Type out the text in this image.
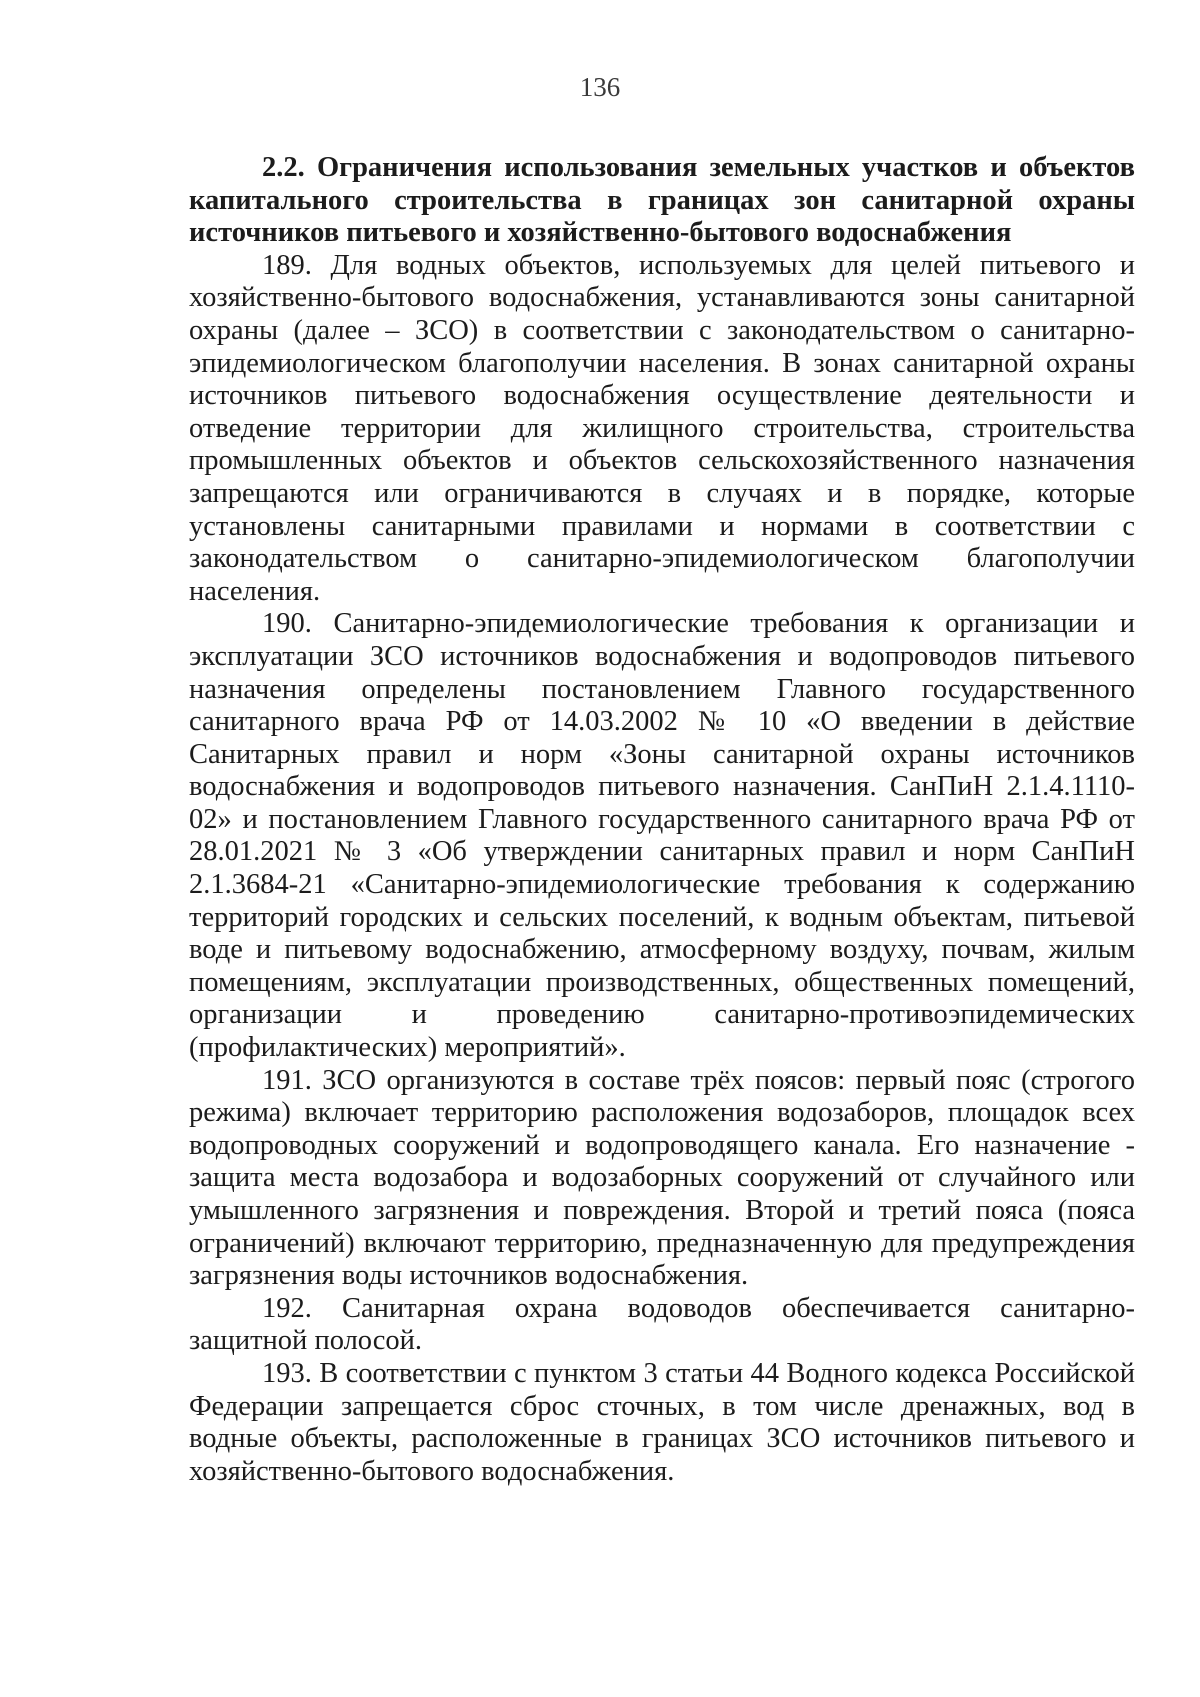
136

2.2. Ограничения использования земельных участков и объектов капитального строительства в границах зон санитарной охраны источников питьевого и хозяйственно-бытового водоснабжения

189. Для водных объектов, используемых для целей питьевого и хозяйственно-бытового водоснабжения, устанавливаются зоны санитарной охраны (далее – ЗСО) в соответствии с законодательством о санитарно-эпидемиологическом благополучии населения. В зонах санитарной охраны источников питьевого водоснабжения осуществление деятельности и отведение территории для жилищного строительства, строительства промышленных объектов и объектов сельскохозяйственного назначения запрещаются или ограничиваются в случаях и в порядке, которые установлены санитарными правилами и нормами в соответствии с законодательством о санитарно-эпидемиологическом благополучии населения.

190. Санитарно-эпидемиологические требования к организации и эксплуатации ЗСО источников водоснабжения и водопроводов питьевого назначения определены постановлением Главного государственного санитарного врача РФ от 14.03.2002 № 10 «О введении в действие Санитарных правил и норм «Зоны санитарной охраны источников водоснабжения и водопроводов питьевого назначения. СанПиН 2.1.4.1110-02» и постановлением Главного государственного санитарного врача РФ от 28.01.2021 № 3 «Об утверждении санитарных правил и норм СанПиН 2.1.3684-21 «Санитарно-эпидемиологические требования к содержанию территорий городских и сельских поселений, к водным объектам, питьевой воде и питьевому водоснабжению, атмосферному воздуху, почвам, жилым помещениям, эксплуатации производственных, общественных помещений, организации и проведению санитарно-противоэпидемических (профилактических) мероприятий».

191. ЗСО организуются в составе трёх поясов: первый пояс (строгого режима) включает территорию расположения водозаборов, площадок всех водопроводных сооружений и водопроводящего канала. Его назначение - защита места водозабора и водозаборных сооружений от случайного или умышленного загрязнения и повреждения. Второй и третий пояса (пояса ограничений) включают территорию, предназначенную для предупреждения загрязнения воды источников водоснабжения.

192. Санитарная охрана водоводов обеспечивается санитарно-защитной полосой.

193. В соответствии с пунктом 3 статьи 44 Водного кодекса Российской Федерации запрещается сброс сточных, в том числе дренажных, вод в водные объекты, расположенные в границах ЗСО источников питьевого и хозяйственно-бытового водоснабжения.
